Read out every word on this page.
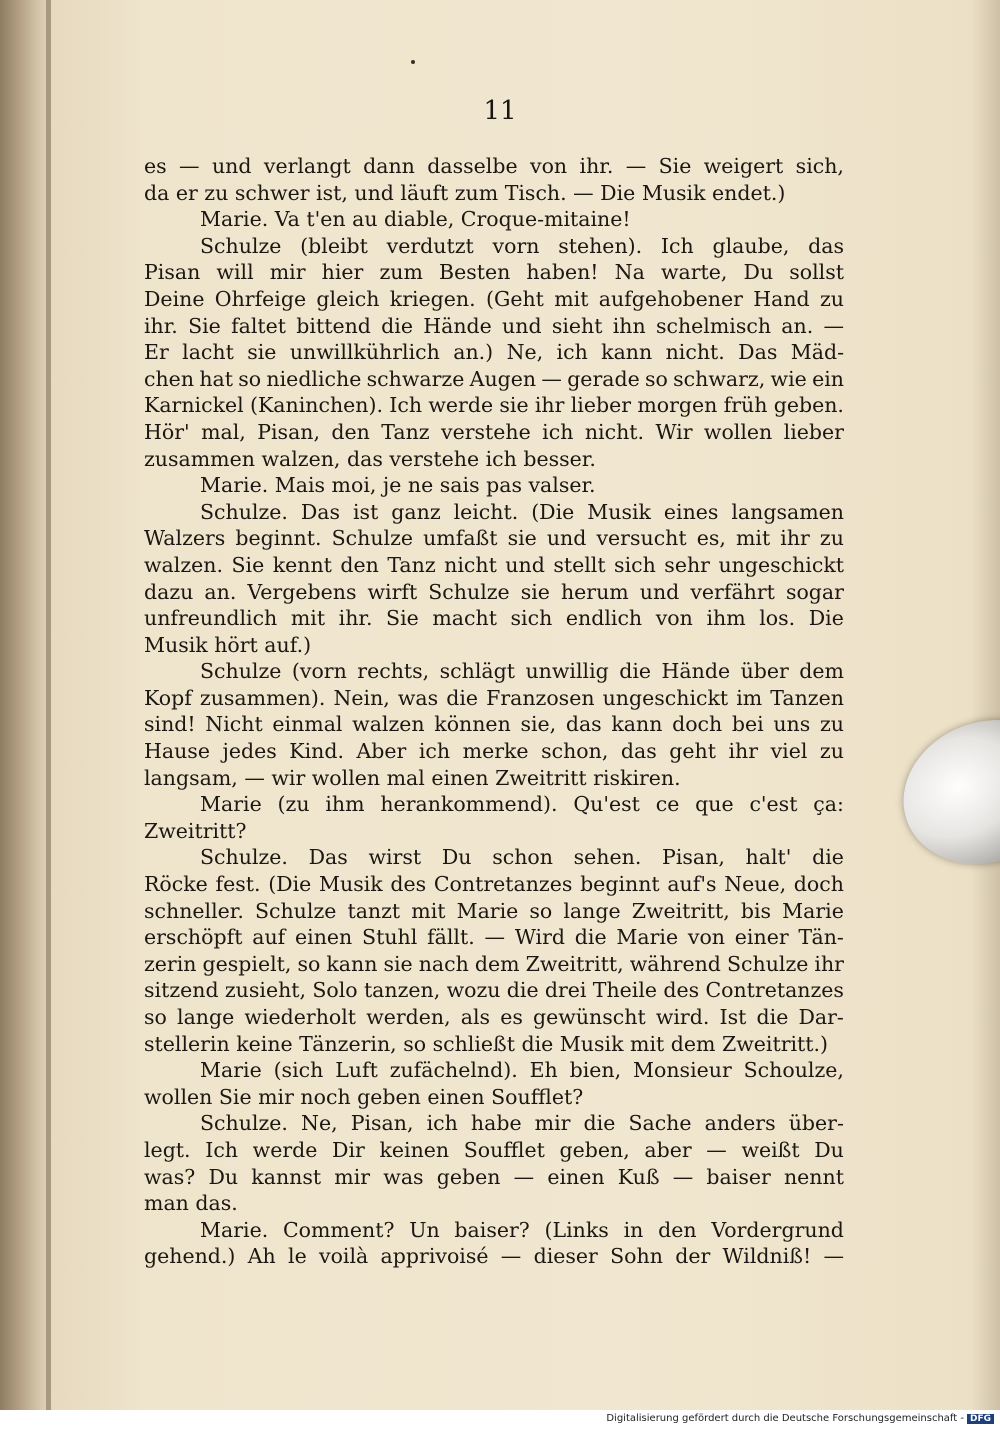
11
es — und verlangt dann dasselbe von ihr. — Sie weigert sich,
da er zu schwer ist, und läuft zum Tisch. — Die Musik endet.)
Marie. Va t'en au diable, Croque-mitaine!
Schulze (bleibt verdutzt vorn stehen). Ich glaube, das
Pisan will mir hier zum Besten haben! Na warte, Du sollst
Deine Ohrfeige gleich kriegen. (Geht mit aufgehobener Hand zu
ihr. Sie faltet bittend die Hände und sieht ihn schelmisch an. —
Er lacht sie unwillkührlich an.) Ne, ich kann nicht. Das Mäd-
chen hat so niedliche schwarze Augen — gerade so schwarz, wie ein
Karnickel (Kaninchen). Ich werde sie ihr lieber morgen früh geben.
Hör' mal, Pisan, den Tanz verstehe ich nicht. Wir wollen lieber
zusammen walzen, das verstehe ich besser.
Marie. Mais moi, je ne sais pas valser.
Schulze. Das ist ganz leicht. (Die Musik eines langsamen
Walzers beginnt. Schulze umfaßt sie und versucht es, mit ihr zu
walzen. Sie kennt den Tanz nicht und stellt sich sehr ungeschickt
dazu an. Vergebens wirft Schulze sie herum und verfährt sogar
unfreundlich mit ihr. Sie macht sich endlich von ihm los. Die
Musik hört auf.)
Schulze (vorn rechts, schlägt unwillig die Hände über dem
Kopf zusammen). Nein, was die Franzosen ungeschickt im Tanzen
sind! Nicht einmal walzen können sie, das kann doch bei uns zu
Hause jedes Kind. Aber ich merke schon, das geht ihr viel zu
langsam, — wir wollen mal einen Zweitritt riskiren.
Marie (zu ihm herankommend). Qu'est ce que c'est ça:
Zweitritt?
Schulze. Das wirst Du schon sehen. Pisan, halt' die
Röcke fest. (Die Musik des Contretanzes beginnt auf's Neue, doch
schneller. Schulze tanzt mit Marie so lange Zweitritt, bis Marie
erschöpft auf einen Stuhl fällt. — Wird die Marie von einer Tän-
zerin gespielt, so kann sie nach dem Zweitritt, während Schulze ihr
sitzend zusieht, Solo tanzen, wozu die drei Theile des Contretanzes
so lange wiederholt werden, als es gewünscht wird. Ist die Dar-
stellerin keine Tänzerin, so schließt die Musik mit dem Zweitritt.)
Marie (sich Luft zufächelnd). Eh bien, Monsieur Schoulze,
wollen Sie mir noch geben einen Soufflet?
Schulze. Ne, Pisan, ich habe mir die Sache anders über-
legt. Ich werde Dir keinen Soufflet geben, aber — weißt Du
was? Du kannst mir was geben — einen Kuß — baiser nennt
man das.
Marie. Comment? Un baiser? (Links in den Vordergrund
gehend.) Ah le voilà apprivoisé — dieser Sohn der Wildniß! —
Digitalisierung gefördert durch die Deutsche Forschungsgemeinschaft - DFG
